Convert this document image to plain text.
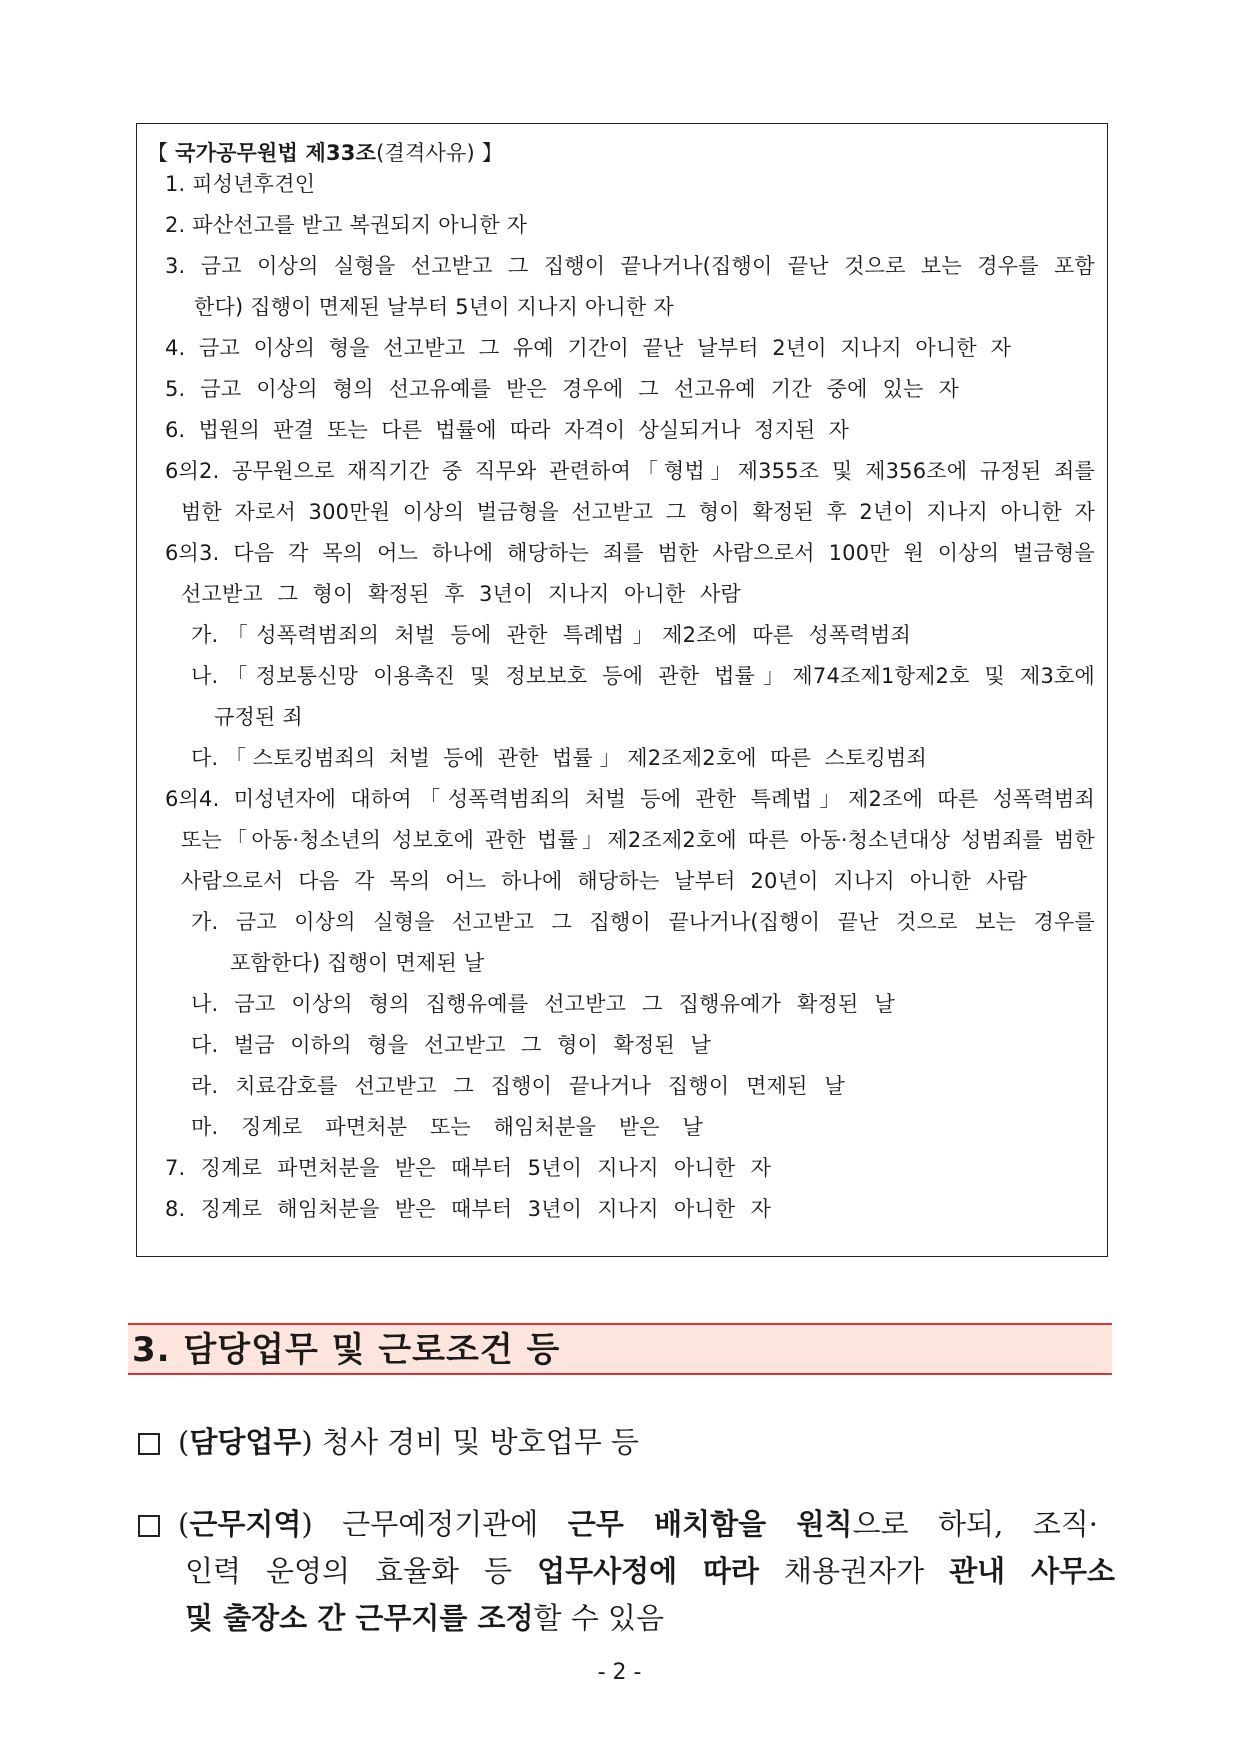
【 국가공무원법 제33조(결격사유) 】
1. 피성년후견인
2. 파산선고를 받고 복권되지 아니한 자
3. 금고 이상의 실형을 선고받고 그 집행이 끝나거나(집행이 끝난 것으로 보는 경우를 포함
한다) 집행이 면제된 날부터 5년이 지나지 아니한 자
4. 금고 이상의 형을 선고받고 그 유예 기간이 끝난 날부터 2년이 지나지 아니한 자
5. 금고 이상의 형의 선고유예를 받은 경우에 그 선고유예 기간 중에 있는 자
6. 법원의 판결 또는 다른 법률에 따라 자격이 상실되거나 정지된 자
6의2. 공무원으로 재직기간 중 직무와 관련하여「형법」제355조 및 제356조에 규정된 죄를
범한 자로서 300만원 이상의 벌금형을 선고받고 그 형이 확정된 후 2년이 지나지 아니한 자
6의3. 다음 각 목의 어느 하나에 해당하는 죄를 범한 사람으로서 100만 원 이상의 벌금형을
선고받고 그 형이 확정된 후 3년이 지나지 아니한 사람
가.「성폭력범죄의 처벌 등에 관한 특례법」제2조에 따른 성폭력범죄
나.「정보통신망 이용촉진 및 정보보호 등에 관한 법률」제74조제1항제2호 및 제3호에
규정된 죄
다.「스토킹범죄의 처벌 등에 관한 법률」제2조제2호에 따른 스토킹범죄
6의4. 미성년자에 대하여「성폭력범죄의 처벌 등에 관한 특례법」제2조에 따른 성폭력범죄
또는「아동·청소년의 성보호에 관한 법률」제2조제2호에 따른 아동·청소년대상 성범죄를 범한
사람으로서 다음 각 목의 어느 하나에 해당하는 날부터 20년이 지나지 아니한 사람
가. 금고 이상의 실형을 선고받고 그 집행이 끝나거나(집행이 끝난 것으로 보는 경우를
포함한다) 집행이 면제된 날
나. 금고 이상의 형의 집행유예를 선고받고 그 집행유예가 확정된 날
다. 벌금 이하의 형을 선고받고 그 형이 확정된 날
라. 치료감호를 선고받고 그 집행이 끝나거나 집행이 면제된 날
마. 징계로 파면처분 또는 해임처분을 받은 날
7. 징계로 파면처분을 받은 때부터 5년이 지나지 아니한 자
8. 징계로 해임처분을 받은 때부터 3년이 지나지 아니한 자
3. 담당업무 및 근로조건 등
(담당업무) 청사 경비 및 방호업무 등
(근무지역) 근무예정기관에 근무 배치함을 원칙으로 하되, 조직·
인력 운영의 효율화 등 업무사정에 따라 채용권자가 관내 사무소
및 출장소 간 근무지를 조정할 수 있음
- 2 -
